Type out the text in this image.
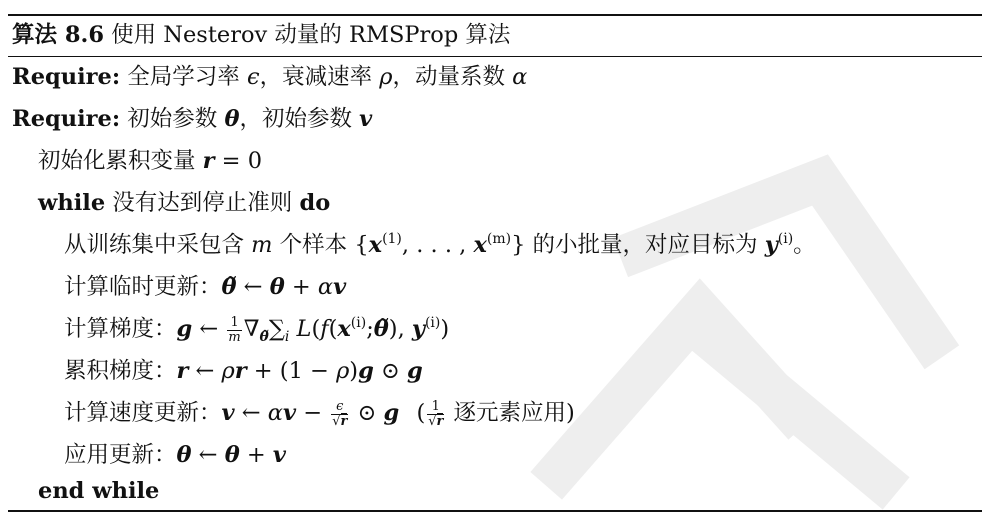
算法 8.6 使用 Nesterov 动量的 RMSProp 算法
Require: 全局学习率 ϵ，衰减速率 ρ，动量系数 α
Require: 初始参数 θ，初始参数 v
初始化累积变量 r = 0
while 没有达到停止准则 do
从训练集中采包含 m 个样本 {$x^{(1)}$, . . . , $x^{(m)}$} 的小批量，对应目标为 $y^{(i)}$。
计算临时更新：θ̃ ← θ + αv
计算梯度：g ← $\frac{1}{m} \nabla_{\thetã}\sum_i$ $L(f(x^{(i)};\thetã)$, $y^{(i)}$)
累积梯度：r ← ρr + (1 − ρ)g ⊙ g
计算速度更新：v ← $\alpha v - \frac{\epsilon}{√r}$ ⊙ g ( $\frac{1}{√r}$ 逐元素应用)
应用更新：θ ← θ + v
end while
